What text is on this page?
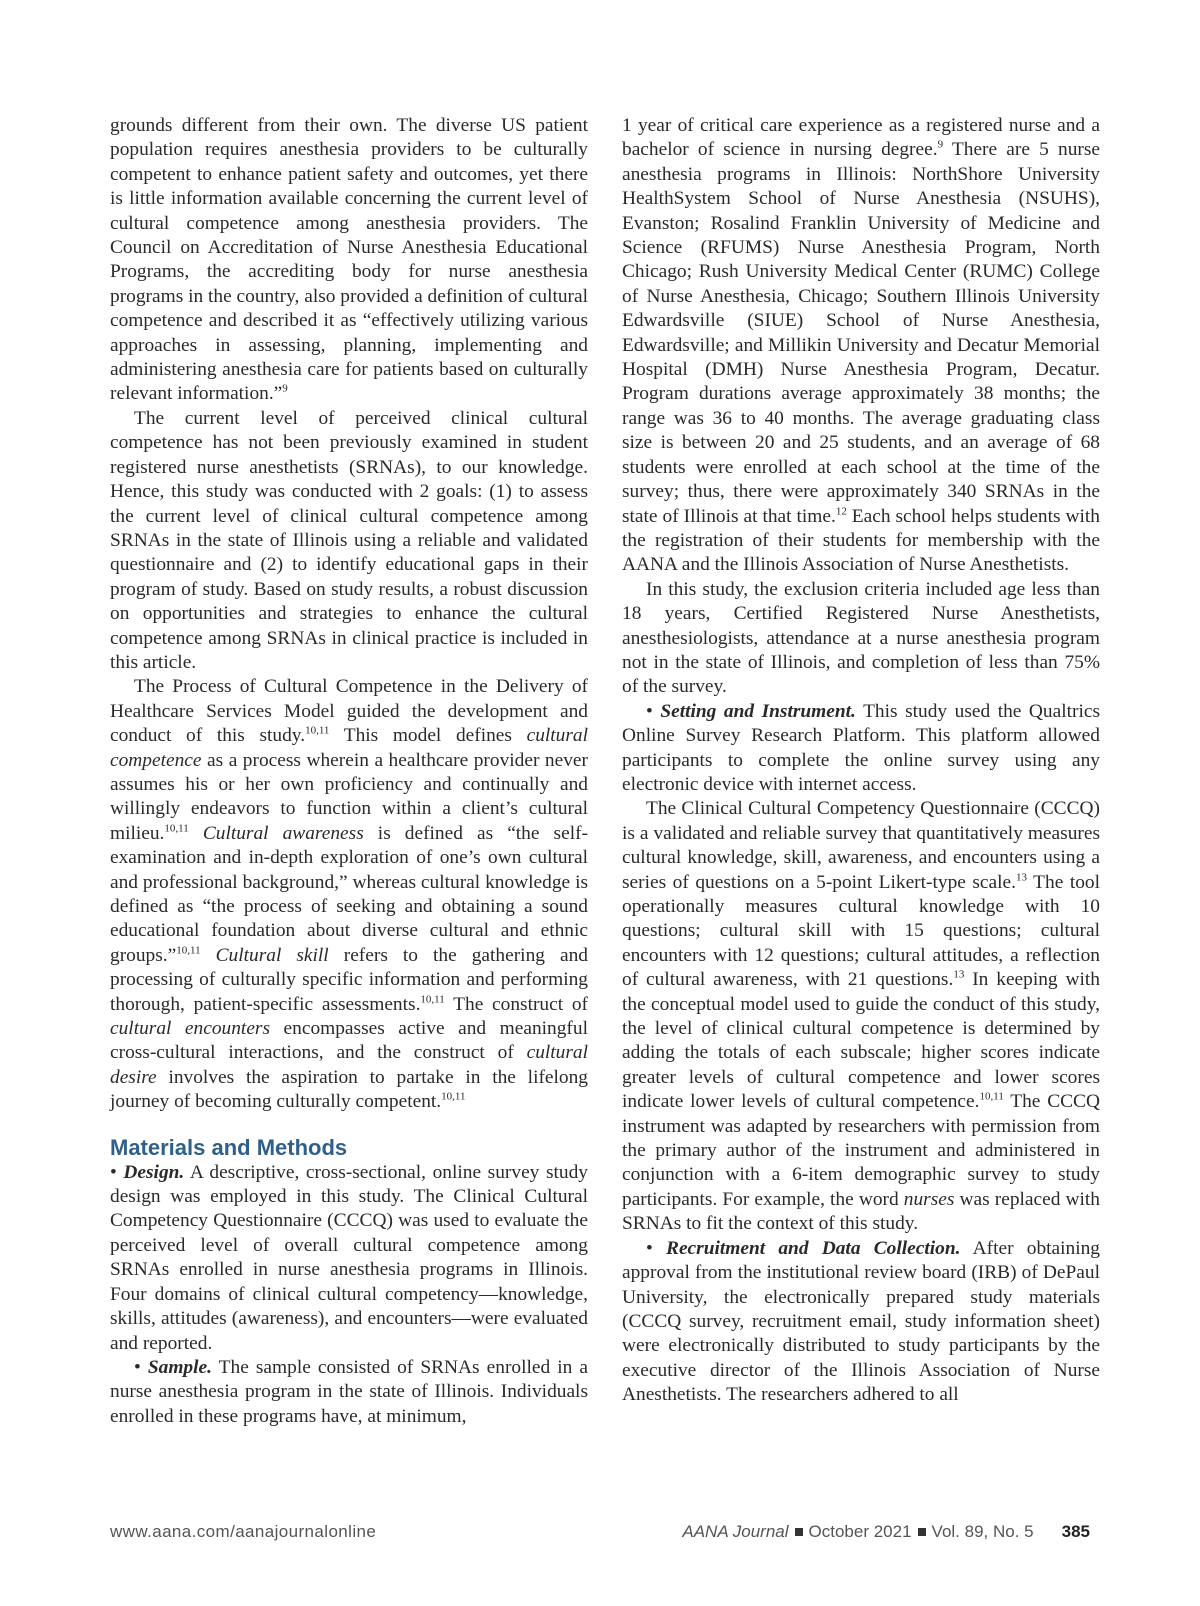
grounds different from their own. The diverse US patient population requires anesthesia providers to be culturally competent to enhance patient safety and outcomes, yet there is little information available concerning the current level of cultural competence among anesthesia providers. The Council on Accreditation of Nurse Anesthesia Educational Programs, the accrediting body for nurse anesthesia programs in the country, also provided a definition of cultural competence and described it as “effectively utilizing various approaches in assessing, planning, implementing and administering anesthesia care for patients based on culturally relevant information.”$^9$

The current level of perceived clinical cultural competence has not been previously examined in student registered nurse anesthetists (SRNAs), to our knowledge. Hence, this study was conducted with 2 goals: (1) to assess the current level of clinical cultural competence among SRNAs in the state of Illinois using a reliable and validated questionnaire and (2) to identify educational gaps in their program of study. Based on study results, a robust discussion on opportunities and strategies to enhance the cultural competence among SRNAs in clinical practice is included in this article.

The Process of Cultural Competence in the Delivery of Healthcare Services Model guided the development and conduct of this study.$^{10,11}$ This model defines cultural competence as a process wherein a healthcare provider never assumes his or her own proficiency and continually and willingly endeavors to function within a client’s cultural milieu.$^{10,11}$ Cultural awareness is defined as “the self-examination and in-depth exploration of one’s own cultural and professional background,” whereas cultural knowledge is defined as “the process of seeking and obtaining a sound educational foundation about diverse cultural and ethnic groups.”$^{10,11}$ Cultural skill refers to the gathering and processing of culturally specific information and performing thorough, patient-specific assessments.$^{10,11}$ The construct of cultural encounters encompasses active and meaningful cross-cultural interactions, and the construct of cultural desire involves the aspiration to partake in the lifelong journey of becoming culturally competent.$^{10,11}$

Materials and Methods

• Design. A descriptive, cross-sectional, online survey study design was employed in this study. The Clinical Cultural Competency Questionnaire (CCCQ) was used to evaluate the perceived level of overall cultural competence among SRNAs enrolled in nurse anesthesia programs in Illinois. Four domains of clinical cultural competency—knowledge, skills, attitudes (awareness), and encounters—were evaluated and reported.

• Sample. The sample consisted of SRNAs enrolled in a nurse anesthesia program in the state of Illinois. Individuals enrolled in these programs have, at minimum,

1 year of critical care experience as a registered nurse and a bachelor of science in nursing degree.$^9$ There are 5 nurse anesthesia programs in Illinois: NorthShore University HealthSystem School of Nurse Anesthesia (NSUHS), Evanston; Rosalind Franklin University of Medicine and Science (RFUMS) Nurse Anesthesia Program, North Chicago; Rush University Medical Center (RUMC) College of Nurse Anesthesia, Chicago; Southern Illinois University Edwardsville (SIUE) School of Nurse Anesthesia, Edwardsville; and Millikin University and Decatur Memorial Hospital (DMH) Nurse Anesthesia Program, Decatur. Program durations average approximately 38 months; the range was 36 to 40 months. The average graduating class size is between 20 and 25 students, and an average of 68 students were enrolled at each school at the time of the survey; thus, there were approximately 340 SRNAs in the state of Illinois at that time.$^{12}$ Each school helps students with the registration of their students for membership with the AANA and the Illinois Association of Nurse Anesthetists.

In this study, the exclusion criteria included age less than 18 years, Certified Registered Nurse Anesthetists, anesthesiologists, attendance at a nurse anesthesia program not in the state of Illinois, and completion of less than 75% of the survey.

• Setting and Instrument. This study used the Qualtrics Online Survey Research Platform. This platform allowed participants to complete the online survey using any electronic device with internet access.

The Clinical Cultural Competency Questionnaire (CCCQ) is a validated and reliable survey that quantitatively measures cultural knowledge, skill, awareness, and encounters using a series of questions on a 5-point Likert-type scale.$^{13}$ The tool operationally measures cultural knowledge with 10 questions; cultural skill with 15 questions; cultural encounters with 12 questions; cultural attitudes, a reflection of cultural awareness, with 21 questions.$^{13}$ In keeping with the conceptual model used to guide the conduct of this study, the level of clinical cultural competence is determined by adding the totals of each subscale; higher scores indicate greater levels of cultural competence and lower scores indicate lower levels of cultural competence.$^{10,11}$ The CCCQ instrument was adapted by researchers with permission from the primary author of the instrument and administered in conjunction with a 6-item demographic survey to study participants. For example, the word nurses was replaced with SRNAs to fit the context of this study.

• Recruitment and Data Collection. After obtaining approval from the institutional review board (IRB) of DePaul University, the electronically prepared study materials (CCCQ survey, recruitment email, study information sheet) were electronically distributed to study participants by the executive director of the Illinois Association of Nurse Anesthetists. The researchers adhered to all

www.aana.com/aanajournalonline	AANA Journal October 2021 Vol. 89, No. 5 385
